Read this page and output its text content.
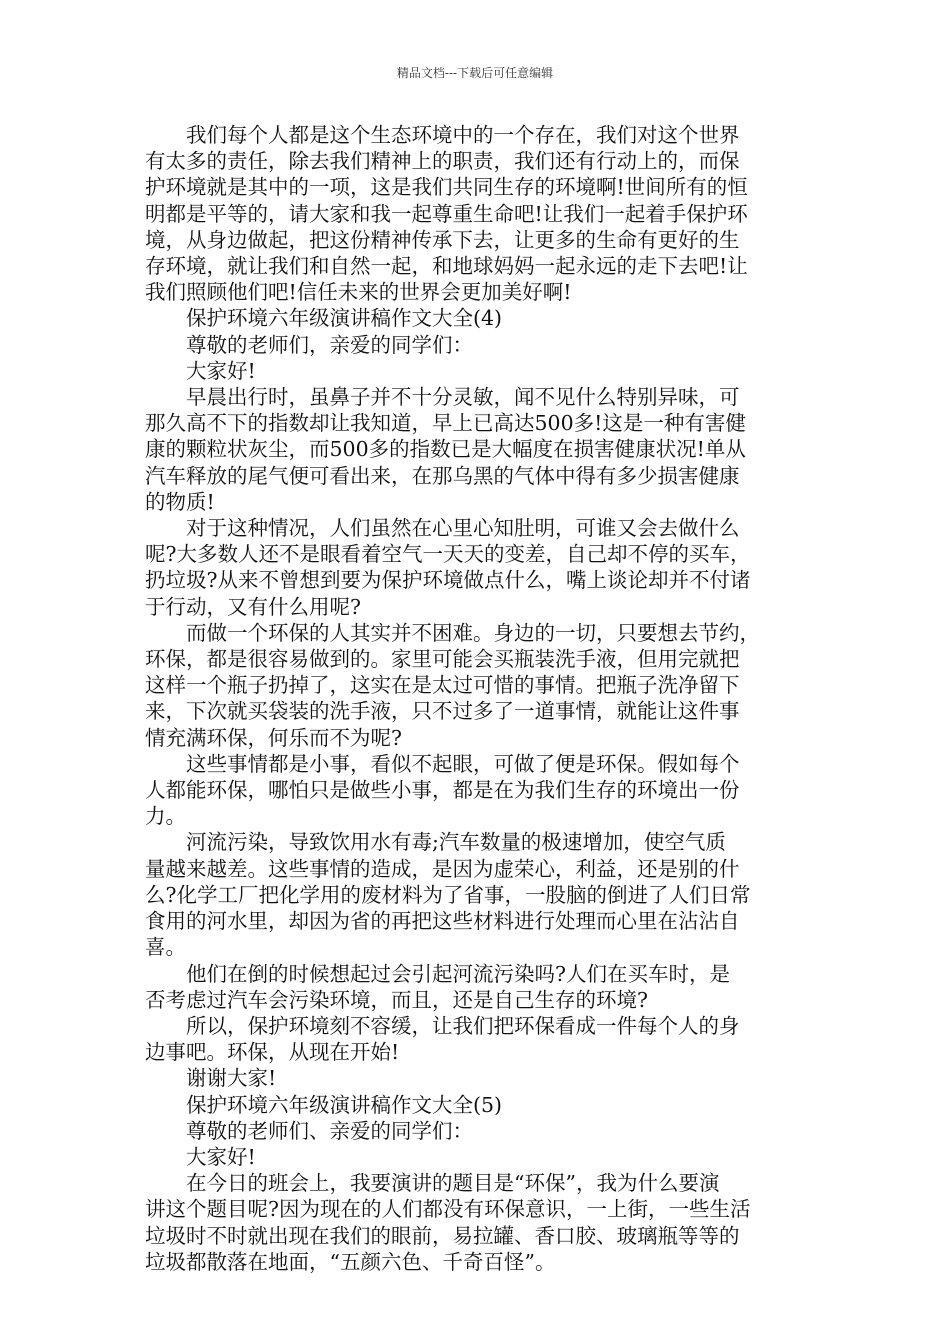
精品文档---下载后可任意编辑

我们每个人都是这个生态环境中的一个存在，我们对这个世界
有太多的责任，除去我们精神上的职责，我们还有行动上的，而保
护环境就是其中的一项，这是我们共同生存的环境啊!世间所有的恒
明都是平等的，请大家和我一起尊重生命吧!让我们一起着手保护环
境，从身边做起，把这份精神传承下去，让更多的生命有更好的生
存环境，就让我们和自然一起，和地球妈妈一起永远的走下去吧!让
我们照顾他们吧!信任未来的世界会更加美好啊!

保护环境六年级演讲稿作文大全(4)

尊敬的老师们，亲爱的同学们：

大家好!

早晨出行时，虽鼻子并不十分灵敏，闻不见什么特别异味，可
那久高不下的指数却让我知道，早上已高达500多!这是一种有害健
康的颗粒状灰尘，而500多的指数已是大幅度在损害健康状况!单从
汽车释放的尾气便可看出来，在那乌黑的气体中得有多少损害健康
的物质!

对于这种情况，人们虽然在心里心知肚明，可谁又会去做什么
呢?大多数人还不是眼看着空气一天天的变差，自己却不停的买车，
扔垃圾?从来不曾想到要为保护环境做点什么，嘴上谈论却并不付诸
于行动，又有什么用呢?

而做一个环保的人其实并不困难。身边的一切，只要想去节约，
环保，都是很容易做到的。家里可能会买瓶装洗手液，但用完就把
这样一个瓶子扔掉了，这实在是太过可惜的事情。把瓶子洗净留下
来，下次就买袋装的洗手液，只不过多了一道事情，就能让这件事
情充满环保，何乐而不为呢?

这些事情都是小事，看似不起眼，可做了便是环保。假如每个
人都能环保，哪怕只是做些小事，都是在为我们生存的环境出一份
力。

河流污染，导致饮用水有毒;汽车数量的极速增加，使空气质
量越来越差。这些事情的造成，是因为虚荣心，利益，还是别的什
么?化学工厂把化学用的废材料为了省事，一股脑的倒进了人们日常
食用的河水里，却因为省的再把这些材料进行处理而心里在沾沾自
喜。

他们在倒的时候想起过会引起河流污染吗?人们在买车时，是
否考虑过汽车会污染环境，而且，还是自己生存的环境?

所以，保护环境刻不容缓，让我们把环保看成一件每个人的身
边事吧。环保，从现在开始!

谢谢大家!

保护环境六年级演讲稿作文大全(5)

尊敬的老师们、亲爱的同学们：

大家好!

在今日的班会上，我要演讲的题目是“环保”，我为什么要演
讲这个题目呢?因为现在的人们都没有环保意识，一上街，一些生活
垃圾时不时就出现在我们的眼前，易拉罐、香口胶、玻璃瓶等等的
垃圾都散落在地面，“五颜六色、千奇百怪”。
